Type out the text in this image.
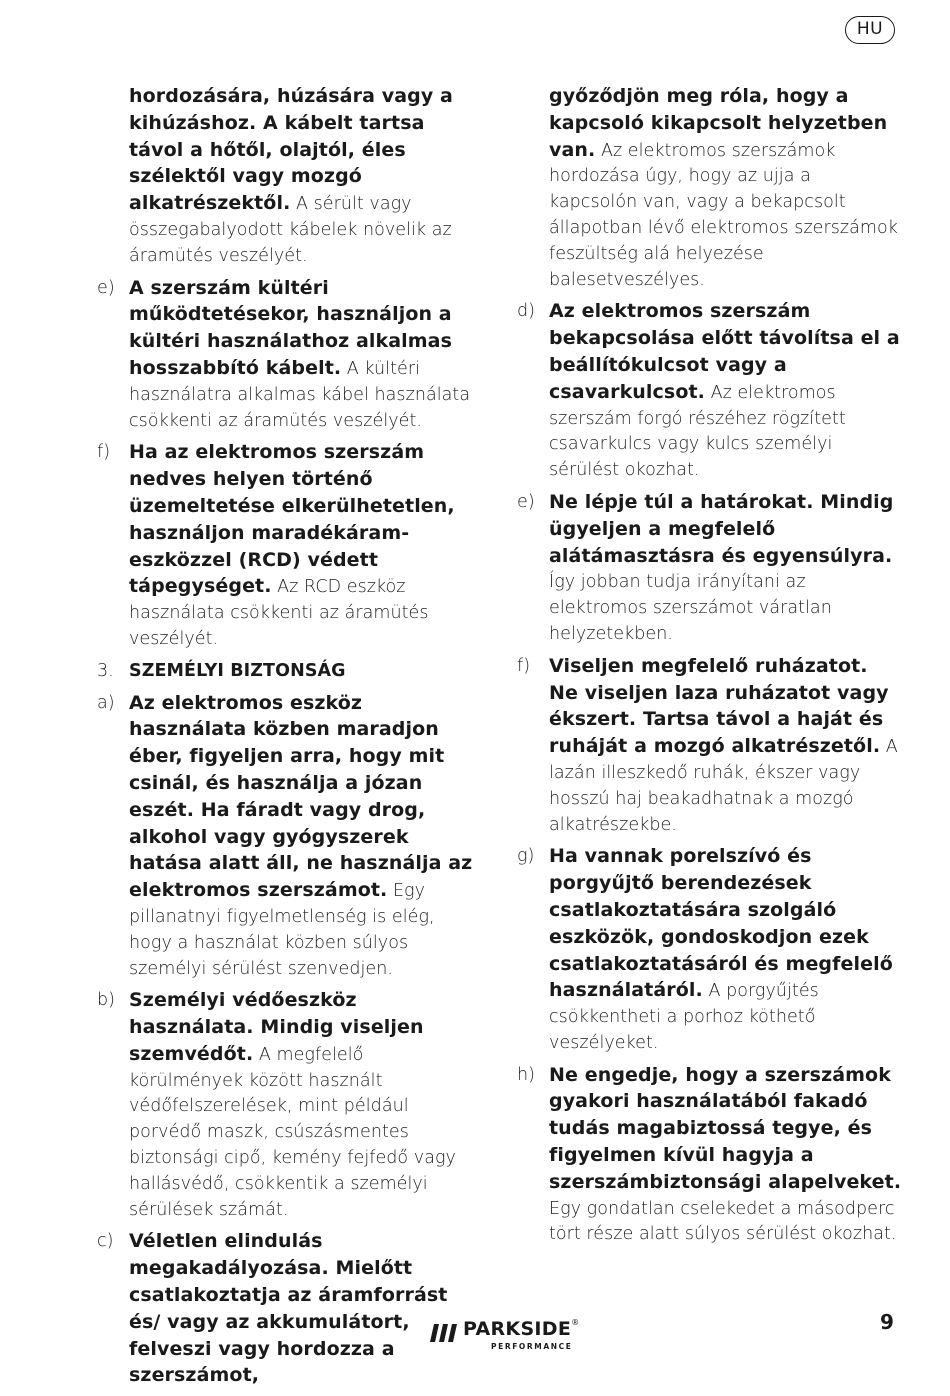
HU
hordozására, húzására vagy a kihúzáshoz. A kábelt tartsa távol a hőtől, olajtól, éles szélektől vagy mozgó alkatrészektől. A sérült vagy összegabalyodott kábelek növelik az áramütés veszélyét.
e) A szerszám kültéri működtetésekor, használjon a kültéri használathoz alkalmas hosszabbító kábelt. A kültéri használatra alkalmas kábel használata csökkenti az áramütés veszélyét.
f) Ha az elektromos szerszám nedves helyen történő üzemeltetése elkerülhetetlen, használjon maradékáram-eszközzel (RCD) védett tápegységet. Az RCD eszköz használata csökkenti az áramütés veszélyét.
3. SZEMÉLYI BIZTONSÁG
a) Az elektromos eszköz használata közben maradjon éber, figyeljen arra, hogy mit csinál, és használja a józan eszét. Ha fáradt vagy drog, alkohol vagy gyógyszerek hatása alatt áll, ne használja az elektromos szerszámot. Egy pillanatnyi figyelmetlenség is elég, hogy a használat közben súlyos személyi sérülést szenvedjen.
b) Személyi védőeszköz használata. Mindig viseljen szemvédőt. A megfelelő körülmények között használt védőfelszerelések, mint például porvédő maszk, csúszásmentes biztonsági cipő, kemény fejfedő vagy hallásvédő, csökkentik a személyi sérülések számát.
c) Véletlen elindulás megakadályozása. Mielőtt csatlakoztatja az áramforrást és/ vagy az akkumulátort, felveszi vagy hordozza a szerszámot,
győződjön meg róla, hogy a kapcsoló kikapcsolt helyzetben van. Az elektromos szerszámok hordozása úgy, hogy az ujja a kapcsolón van, vagy a bekapcsolt állapotban lévő elektromos szerszámok feszültség alá helyezése balesetveszélyes.
d) Az elektromos szerszám bekapcsolása előtt távolítsa el a beállítókulcsot vagy a csavarkulcsot. Az elektromos szerszám forgó részéhez rögzített csavarkulcs vagy kulcs személyi sérülést okozhat.
e) Ne lépje túl a határokat. Mindig ügyeljen a megfelelő alátámasztásra és egyensúlyra. Így jobban tudja irányítani az elektromos szerszámot váratlan helyzetekben.
f) Viseljen megfelelő ruházatot. Ne viseljen laza ruházatot vagy ékszert. Tartsa távol a haját és ruháját a mozgó alkatrészetől. A lazán illeszkedő ruhák, ékszer vagy hosszú haj beakadhatnak a mozgó alkatrészekbe.
g) Ha vannak porelszívó és porgyűjtő berendezések csatlakoztatására szolgáló eszközök, gondoskodjon ezek csatlakoztatásáról és megfelelő használatáról. A porgyűjtés csökkentheti a porhoz köthető veszélyeket.
h) Ne engedje, hogy a szerszámok gyakori használatából fakadó tudás magabiztossá tegye, és figyelmen kívül hagyja a szerszámbiztonsági alapelveket. Egy gondatlan cselekedet a másodperc tört része alatt súlyos sérülést okozhat.
PARKSIDE®
PERFORMANCE
9
